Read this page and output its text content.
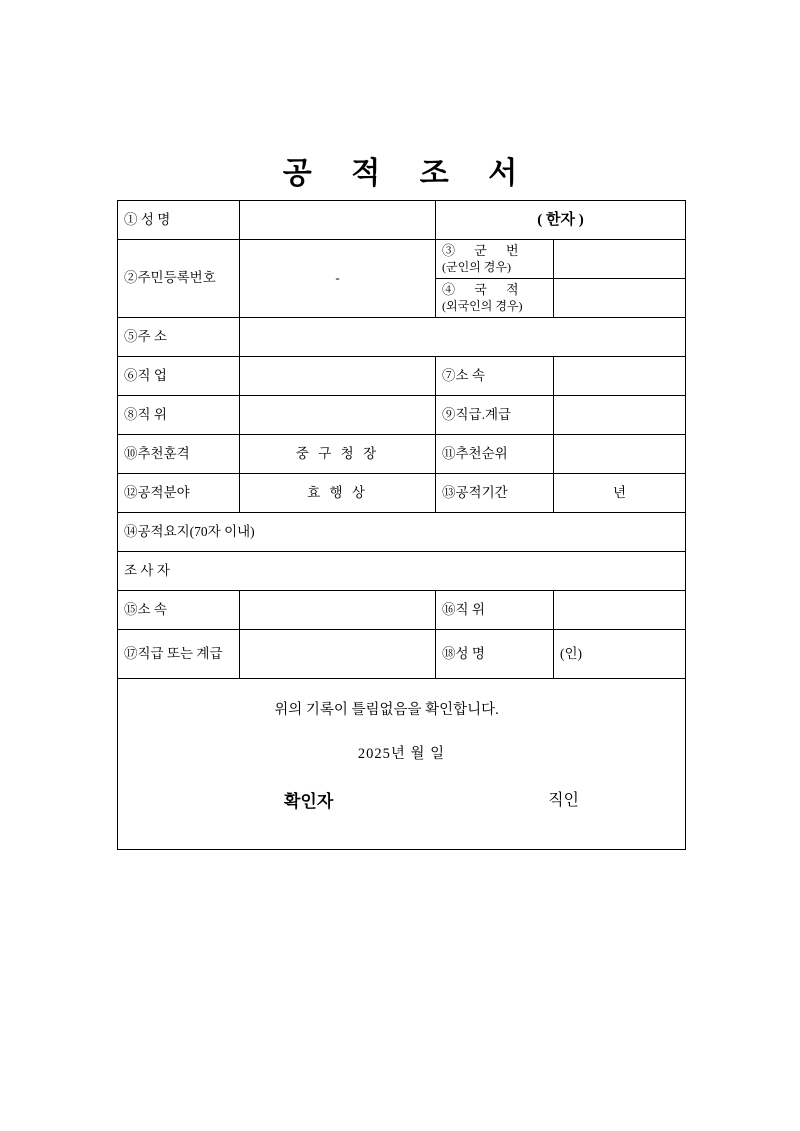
공 적 조 서
① 성 명		( 한자 )	
②주민등록번호	-	③ 군 번
(군인의 경우)	

		④ 국 적
(외국인의 경우)	

⑤주 소			
⑥직 업		⑦소 속	
⑧직 위		⑨직급.계급	
⑩추천훈격	중 구 청 장	⑪추천순위	
⑫공적분야	효 행 상	⑬공적기간	년
⑭공적요지(70자 이내)			
조 사 자			
⑮소 속		⑯직 위	
⑰직급 또는 계급		⑱성 명	(인)

위의 기록이 틀림없음을 확인합니다.
2025년 월 일
확인자 직인			
